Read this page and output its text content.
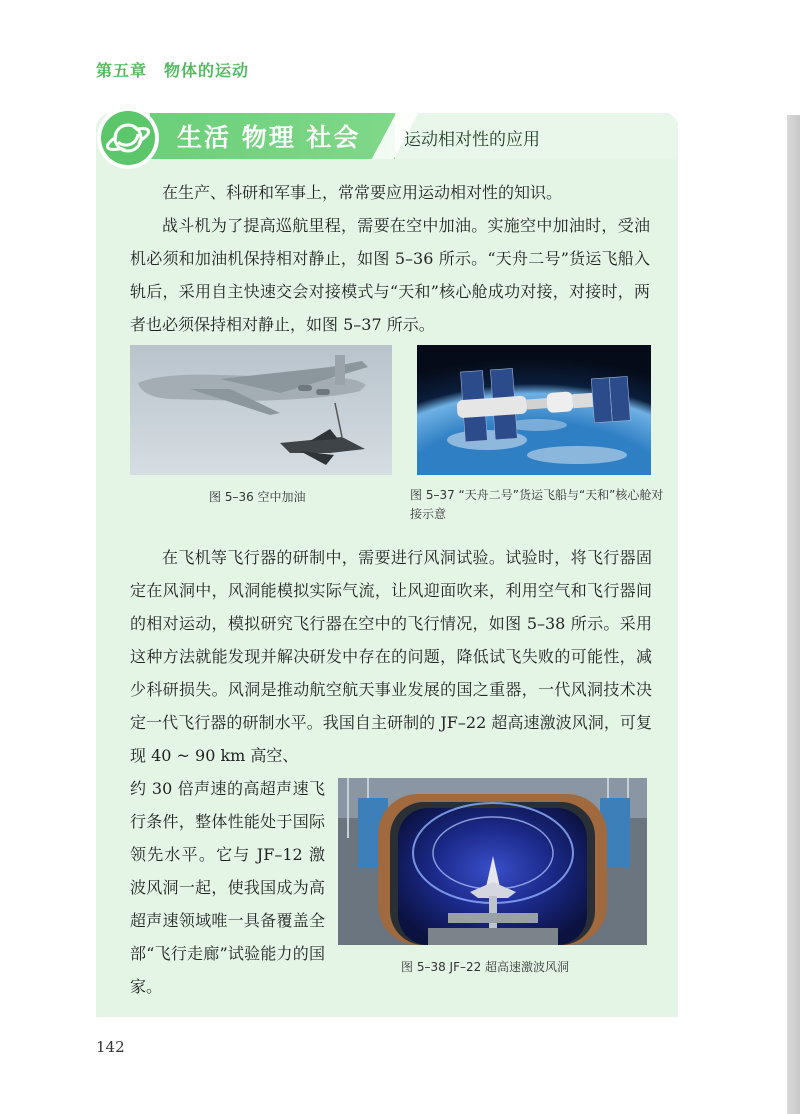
第五章　物体的运动
生活 物理 社会	运动相对性的应用

在生产、科研和军事上，常常要应用运动相对性的知识。

战斗机为了提高巡航里程，需要在空中加油。实施空中加油时，受油机必须和加油机保持相对静止，如图 5–36 所示。“天舟二号”货运飞船入轨后，采用自主快速交会对接模式与“天和”核心舱成功对接，对接时，两者也必须保持相对静止，如图 5–37 所示。

图 5–36 空中加油	图 5–37 “天舟二号”货运飞船与“天和”核心舱对接示意

在飞机等飞行器的研制中，需要进行风洞试验。试验时，将飞行器固定在风洞中，风洞能模拟实际气流，让风迎面吹来，利用空气和飞行器间的相对运动，模拟研究飞行器在空中的飞行情况，如图 5–38 所示。采用这种方法就能发现并解决研发中存在的问题，降低试飞失败的可能性，减少科研损失。风洞是推动航空航天事业发展的国之重器，一代风洞技术决定一代飞行器的研制水平。我国自主研制的 JF–22 超高速激波风洞，可复现 40 ~ 90 km 高空、

约 30 倍声速的高超声速飞行条件，整体性能处于国际领先水平。它与 JF–12 激波风洞一起，使我国成为高超声速领域唯一具备覆盖全部“飞行走廊”试验能力的国家。

图 5–38 JF–22 超高速激波风洞
142
